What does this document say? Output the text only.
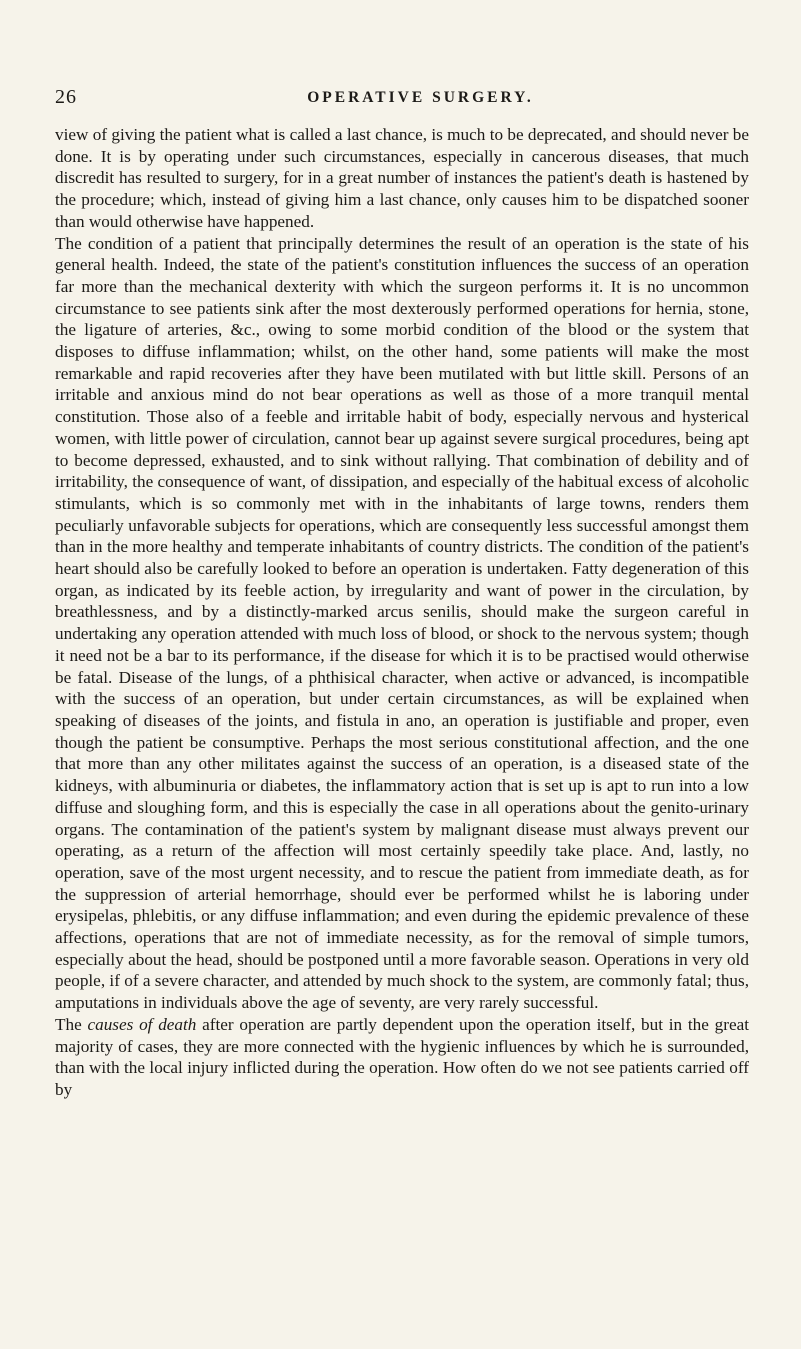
26	OPERATIVE SURGERY.

view of giving the patient what is called a last chance, is much to be deprecated, and should never be done. It is by operating under such circumstances, especially in cancerous diseases, that much discredit has resulted to surgery, for in a great number of instances the patient's death is hastened by the procedure; which, instead of giving him a last chance, only causes him to be dispatched sooner than would otherwise have happened.

The condition of a patient that principally determines the result of an operation is the state of his general health. Indeed, the state of the patient's constitution influences the success of an operation far more than the mechanical dexterity with which the surgeon performs it. It is no uncommon circumstance to see patients sink after the most dexterously performed operations for hernia, stone, the ligature of arteries, &c., owing to some morbid condition of the blood or the system that disposes to diffuse inflammation; whilst, on the other hand, some patients will make the most remarkable and rapid recoveries after they have been mutilated with but little skill. Persons of an irritable and anxious mind do not bear operations as well as those of a more tranquil mental constitution. Those also of a feeble and irritable habit of body, especially nervous and hysterical women, with little power of circulation, cannot bear up against severe surgical procedures, being apt to become depressed, exhausted, and to sink without rallying. That combination of debility and of irritability, the consequence of want, of dissipation, and especially of the habitual excess of alcoholic stimulants, which is so commonly met with in the inhabitants of large towns, renders them peculiarly unfavorable subjects for operations, which are consequently less successful amongst them than in the more healthy and temperate inhabitants of country districts. The condition of the patient's heart should also be carefully looked to before an operation is undertaken. Fatty degeneration of this organ, as indicated by its feeble action, by irregularity and want of power in the circulation, by breathlessness, and by a distinctly-marked arcus senilis, should make the surgeon careful in undertaking any operation attended with much loss of blood, or shock to the nervous system; though it need not be a bar to its performance, if the disease for which it is to be practised would otherwise be fatal. Disease of the lungs, of a phthisical character, when active or advanced, is incompatible with the success of an operation, but under certain circumstances, as will be explained when speaking of diseases of the joints, and fistula in ano, an operation is justifiable and proper, even though the patient be consumptive. Perhaps the most serious constitutional affection, and the one that more than any other militates against the success of an operation, is a diseased state of the kidneys, with albuminuria or diabetes, the inflammatory action that is set up is apt to run into a low diffuse and sloughing form, and this is especially the case in all operations about the genito-urinary organs. The contamination of the patient's system by malignant disease must always prevent our operating, as a return of the affection will most certainly speedily take place. And, lastly, no operation, save of the most urgent necessity, and to rescue the patient from immediate death, as for the suppression of arterial hemorrhage, should ever be performed whilst he is laboring under erysipelas, phlebitis, or any diffuse inflammation; and even during the epidemic prevalence of these affections, operations that are not of immediate necessity, as for the removal of simple tumors, especially about the head, should be postponed until a more favorable season. Operations in very old people, if of a severe character, and attended by much shock to the system, are commonly fatal; thus, amputations in individuals above the age of seventy, are very rarely successful.

The causes of death after operation are partly dependent upon the operation itself, but in the great majority of cases, they are more connected with the hygienic influences by which he is surrounded, than with the local injury inflicted during the operation. How often do we not see patients carried off by
